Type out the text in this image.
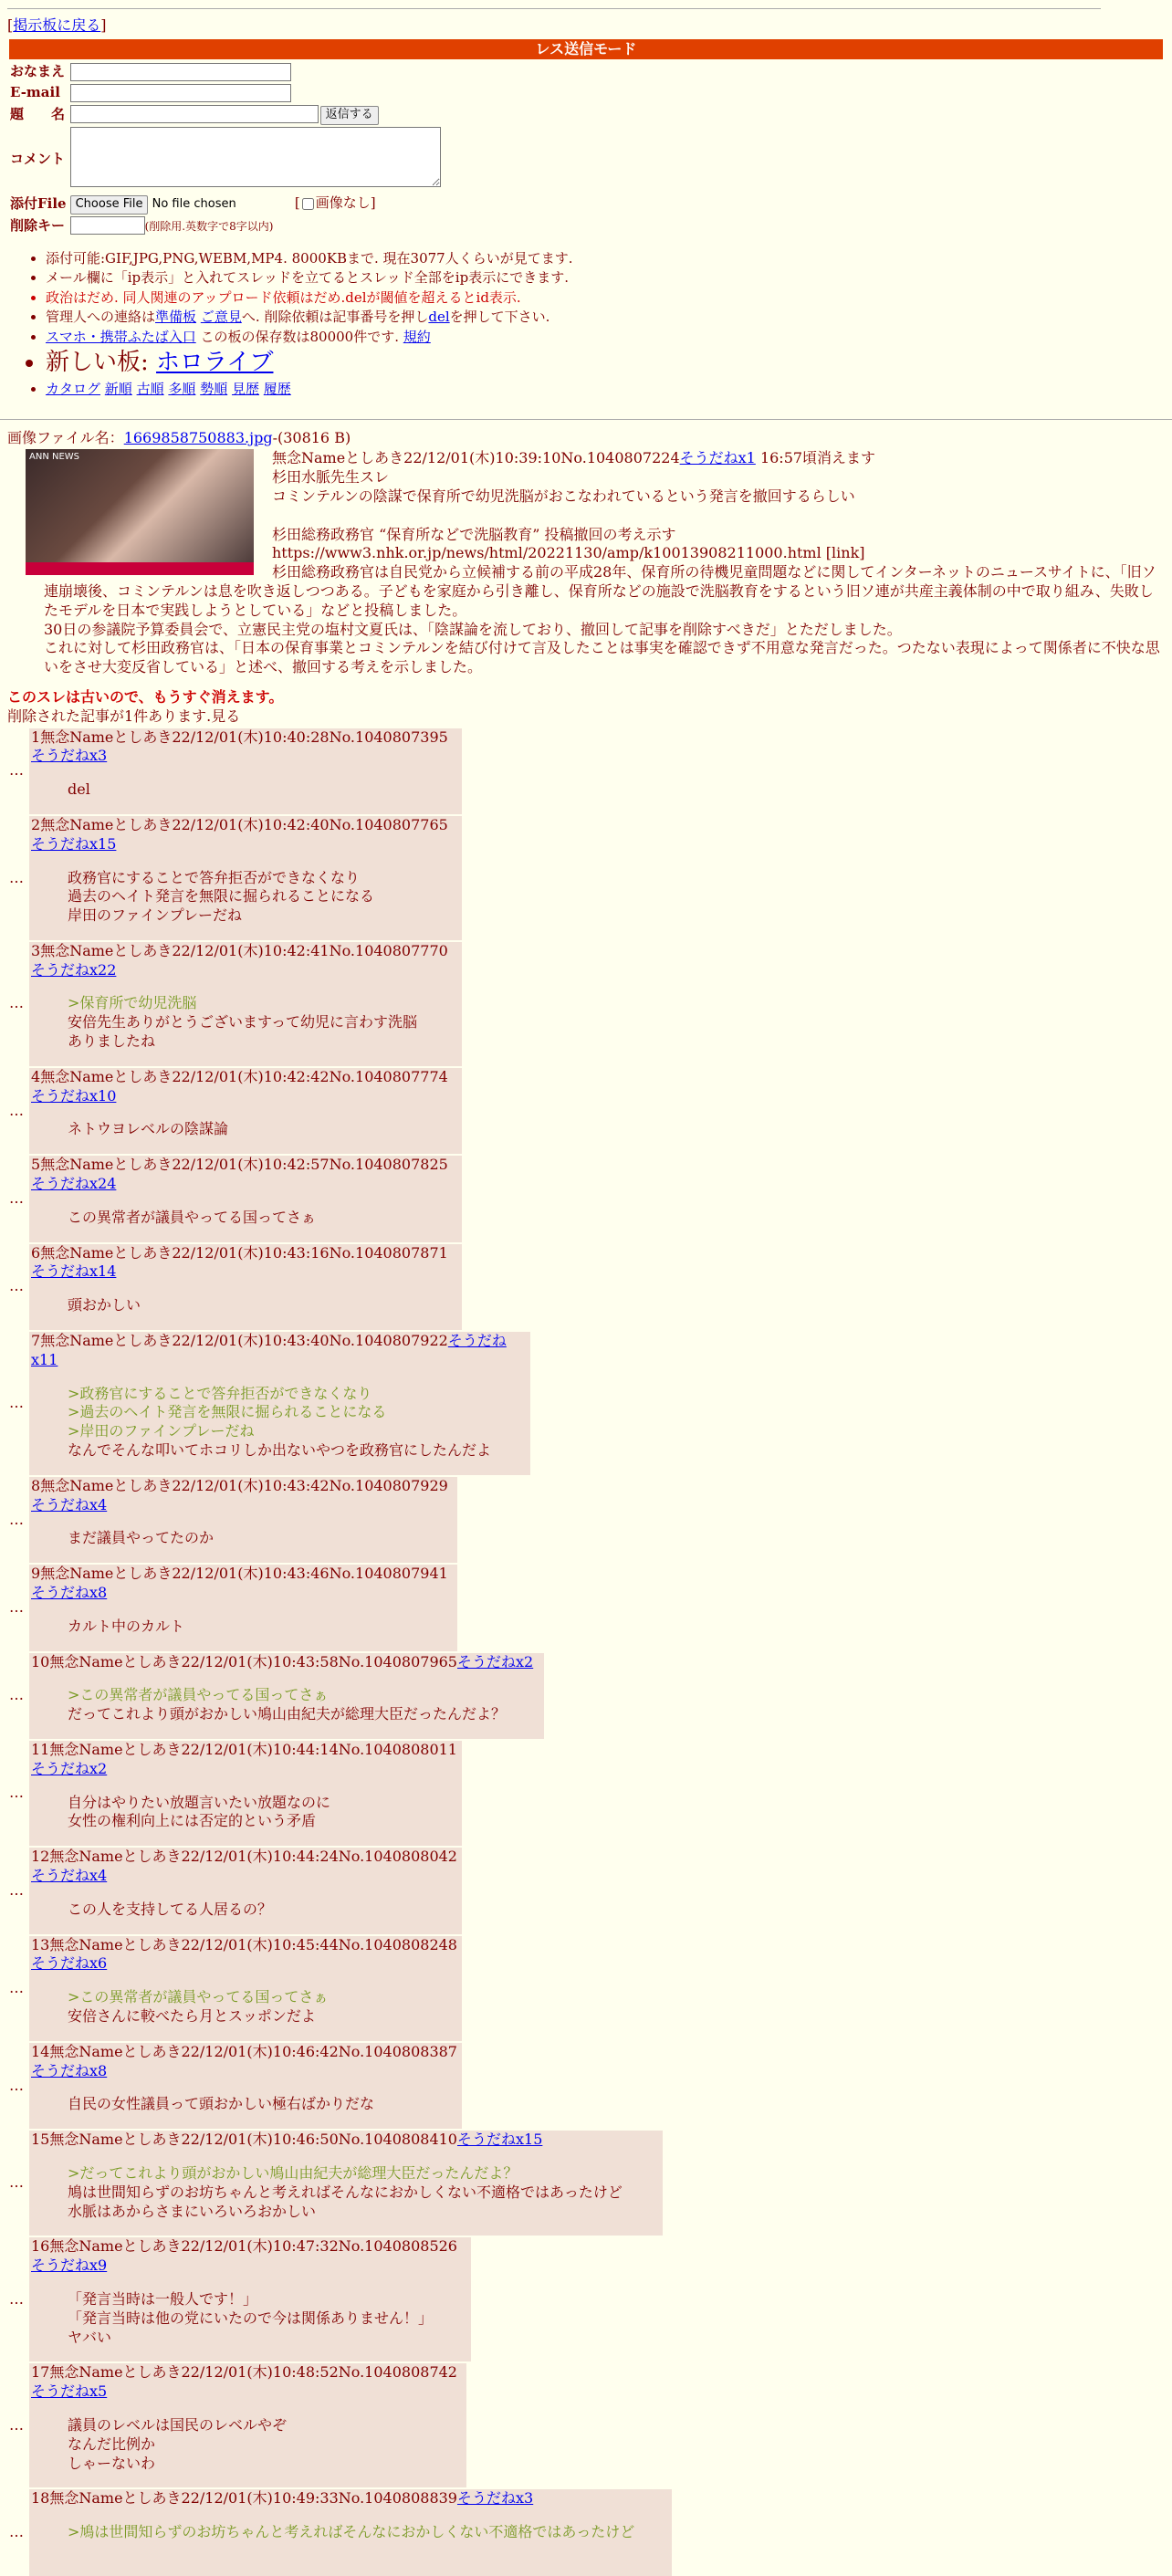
[掲示板に戻る]
レス送信モード
おなまえ	
E-mail	
題　　名	返信する
コメント	
添付File	Choose File No file chosen [ 画像なし]
削除キー	(削除用.英数字で8字以内)
• 添付可能:GIF,JPG,PNG,WEBM,MP4. 8000KBまで. 現在3077人くらいが見てます.
• メール欄に「ip表示」と入れてスレッドを立てるとスレッド全部をip表示にできます.
• 政治はだめ. 同人関連のアップロード依頼はだめ.delが閾値を超えるとid表示.
• 管理人への連絡は準備板 ご意見へ. 削除依頼は記事番号を押しdelを押して下さい.
• スマホ・携帯ふたば入口 この板の保存数は80000件です. 規約
• 新しい板: ホロライブ
• カタログ 新順 古順 多順 勢順 見歴 履歴
画像ファイル名：1669858750883.jpg-(30816 B)
ANN NEWS	無念Nameとしあき22/12/01(木)10:39:10No.1040807224そうだねx1 16:57頃消えます
杉田水脈先生スレ
コミンテルンの陰謀で保育所で幼児洗脳がおこなわれているという発言を撤回するらしい

杉田総務政務官 “保育所などで洗脳教育” 投稿撤回の考え示す
https://www3.nhk.or.jp/news/html/20221130/amp/k10013908211000.html [link]
杉田総務政務官は自民党から立候補する前の平成28年、保育所の待機児童問題などに関してインターネットのニュースサイトに、「旧ソ連崩壊後、コミンテルンは息を吹き返しつつある。子どもを家庭から引き離し、保育所などの施設で洗脳教育をするという旧ソ連が共産主義体制の中で取り組み、失敗したモデルを日本で実践しようとしている」などと投稿しました。
30日の参議院予算委員会で、立憲民主党の塩村文夏氏は、「陰謀論を流しており、撤回して記事を削除すべきだ」とただしました。
これに対して杉田政務官は、「日本の保育事業とコミンテルンを結び付けて言及したことは事実を確認できず不用意な発言だった。つたない表現によって関係者に不快な思いをさせ大変反省している」と述べ、撤回する考えを示しました。
このスレは古いので、もうすぐ消えます。
削除された記事が1件あります.見る
…	
1無念Nameとしあき22/12/01(木)10:40:28No.1040807395そうだねx3
del
…	
2無念Nameとしあき22/12/01(木)10:42:40No.1040807765そうだねx15
政務官にすることで答弁拒否ができなくなり
過去のヘイト発言を無限に掘られることになる
岸田のファインプレーだね
…	
3無念Nameとしあき22/12/01(木)10:42:41No.1040807770そうだねx22
>保育所で幼児洗脳
安倍先生ありがとうございますって幼児に言わす洗脳
ありましたね
…	
4無念Nameとしあき22/12/01(木)10:42:42No.1040807774そうだねx10
ネトウヨレベルの陰謀論
…	
5無念Nameとしあき22/12/01(木)10:42:57No.1040807825そうだねx24
この異常者が議員やってる国ってさぁ
…	
6無念Nameとしあき22/12/01(木)10:43:16No.1040807871そうだねx14
頭おかしい
…	
7無念Nameとしあき22/12/01(木)10:43:40No.1040807922そうだねx11
>政務官にすることで答弁拒否ができなくなり
>過去のヘイト発言を無限に掘られることになる
>岸田のファインプレーだね
なんでそんな叩いてホコリしか出ないやつを政務官にしたんだよ
…	
8無念Nameとしあき22/12/01(木)10:43:42No.1040807929そうだねx4
まだ議員やってたのか
…	
9無念Nameとしあき22/12/01(木)10:43:46No.1040807941そうだねx8
カルト中のカルト
…	
10無念Nameとしあき22/12/01(木)10:43:58No.1040807965そうだねx2
>この異常者が議員やってる国ってさぁ
だってこれより頭がおかしい鳩山由紀夫が総理大臣だったんだよ？
…	
11無念Nameとしあき22/12/01(木)10:44:14No.1040808011そうだねx2
自分はやりたい放題言いたい放題なのに
女性の権利向上には否定的という矛盾
…	
12無念Nameとしあき22/12/01(木)10:44:24No.1040808042そうだねx4
この人を支持してる人居るの？
…	
13無念Nameとしあき22/12/01(木)10:45:44No.1040808248そうだねx6
>この異常者が議員やってる国ってさぁ
安倍さんに較べたら月とスッポンだよ
…	
14無念Nameとしあき22/12/01(木)10:46:42No.1040808387そうだねx8
自民の女性議員って頭おかしい極右ばかりだな
…	
15無念Nameとしあき22/12/01(木)10:46:50No.1040808410そうだねx15
>だってこれより頭がおかしい鳩山由紀夫が総理大臣だったんだよ？
鳩は世間知らずのお坊ちゃんと考えればそんなにおかしくない不適格ではあったけど
水脈はあからさまにいろいろおかしい
…	
16無念Nameとしあき22/12/01(木)10:47:32No.1040808526そうだねx9
「発言当時は一般人です！」
「発言当時は他の党にいたので今は関係ありません！」
ヤバい
…	
17無念Nameとしあき22/12/01(木)10:48:52No.1040808742そうだねx5
議員のレベルは国民のレベルやぞ
なんだ比例か
しゃーないわ
…	
18無念Nameとしあき22/12/01(木)10:49:33No.1040808839そうだねx3
>鳩は世間知らずのお坊ちゃんと考えればそんなにおかしくない不適格ではあったけど
